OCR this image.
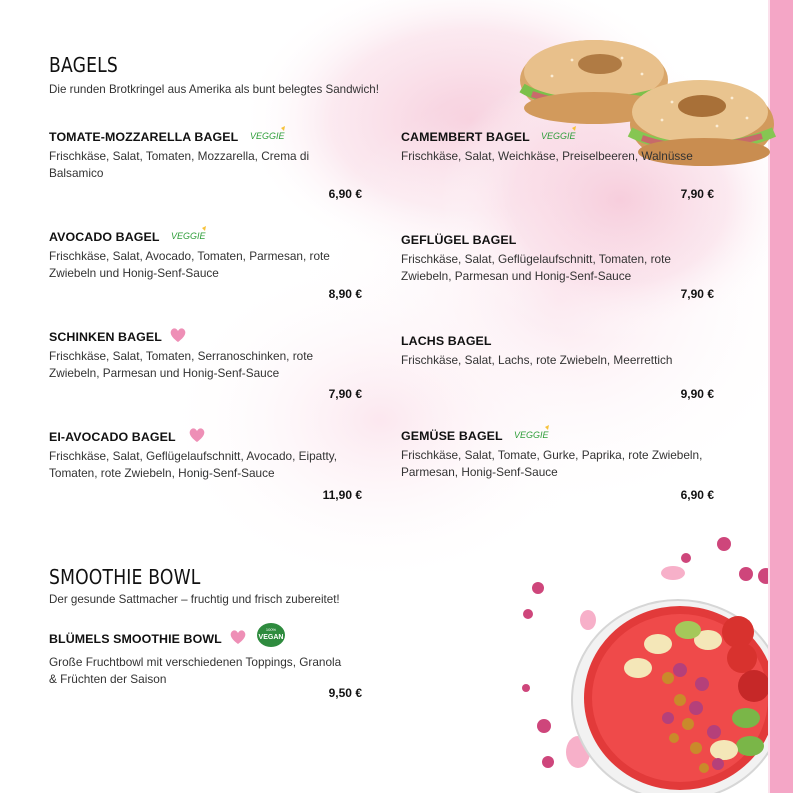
BAGELS
Die runden Brotkringel aus Amerika als bunt belegtes Sandwich!
TOMATE-MOZZARELLA BAGEL VEGGIE
Frischkäse, Salat, Tomaten, Mozzarella, Crema di Balsamico
6,90 €
CAMEMBERT BAGEL VEGGIE
Frischkäse, Salat, Weichkäse, Preiselbeeren, Walnüsse
7,90 €
AVOCADO BAGEL VEGGIE
Frischkäse, Salat, Avocado, Tomaten, Parmesan, rote Zwiebeln und Honig-Senf-Sauce
8,90 €
GEFLÜGEL BAGEL
Frischkäse, Salat, Geflügelaufschnitt, Tomaten, rote Zwiebeln, Parmesan und Honig-Senf-Sauce
7,90 €
SCHINKEN BAGEL
Frischkäse, Salat, Tomaten, Serranoschinken, rote Zwiebeln, Parmesan und Honig-Senf-Sauce
7,90 €
LACHS BAGEL
Frischkäse, Salat, Lachs, rote Zwiebeln, Meerrettich
9,90 €
EI-AVOCADO BAGEL
Frischkäse, Salat, Geflügelaufschnitt, Avocado, Eipatty, Tomaten, rote Zwiebeln, Honig-Senf-Sauce
11,90 €
GEMÜSE BAGEL VEGGIE
Frischkäse, Salat, Tomate, Gurke, Paprika, rote Zwiebeln, Parmesan, Honig-Senf-Sauce
6,90 €
SMOOTHIE BOWL
Der gesunde Sattmacher – fruchtig und frisch zubereitet!
BLÜMELS SMOOTHIE BOWL
100%
VEGAN
Große Fruchtbowl mit verschiedenen Toppings, Granola & Früchten der Saison
9,50 €
